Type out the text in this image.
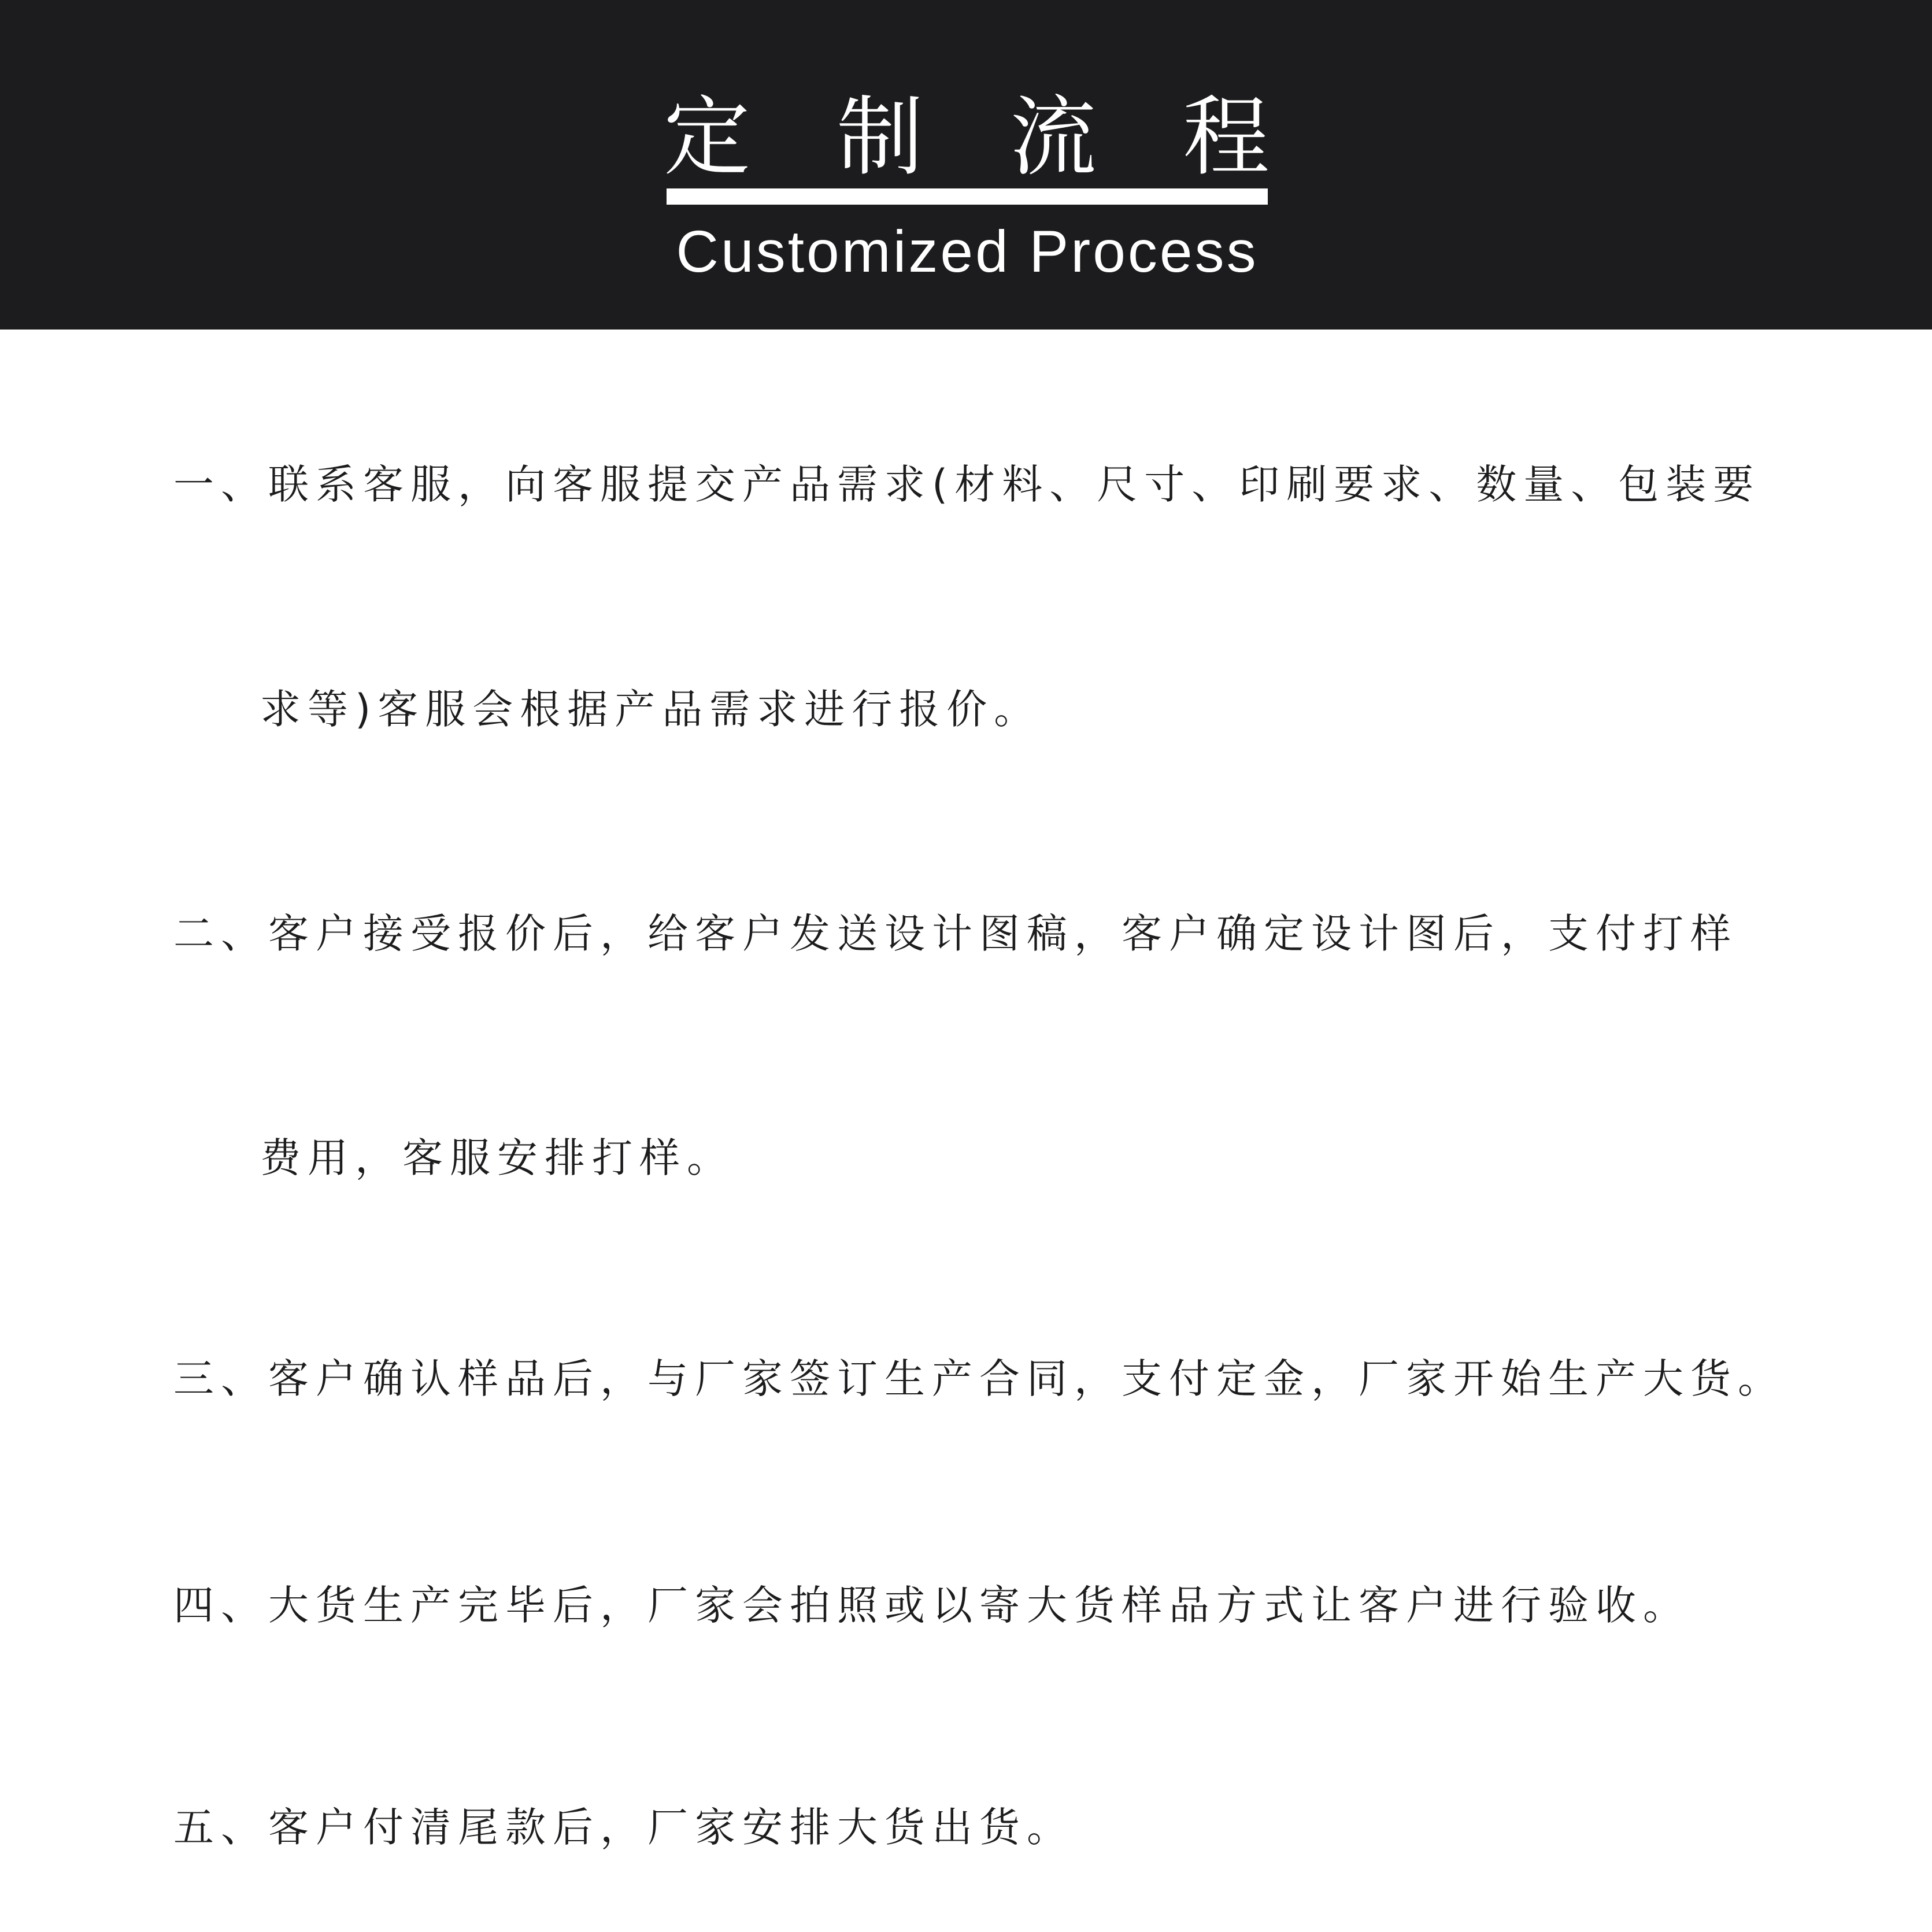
定 制 流 程
Customized Process
一、联系客服，向客服提交产品需求(材料、尺寸、印刷要求、数量、包装要
求等)客服会根据产品需求进行报价。
二、客户接受报价后，给客户发送设计图稿，客户确定设计图后，支付打样
费用，客服安排打样。
三、客户确认样品后，与厂家签订生产合同，支付定金，厂家开始生产大货。
四、大货生产完毕后，厂家会拍照或以寄大货样品方式让客户进行验收。
五、客户付清尾款后，厂家安排大货出货。
